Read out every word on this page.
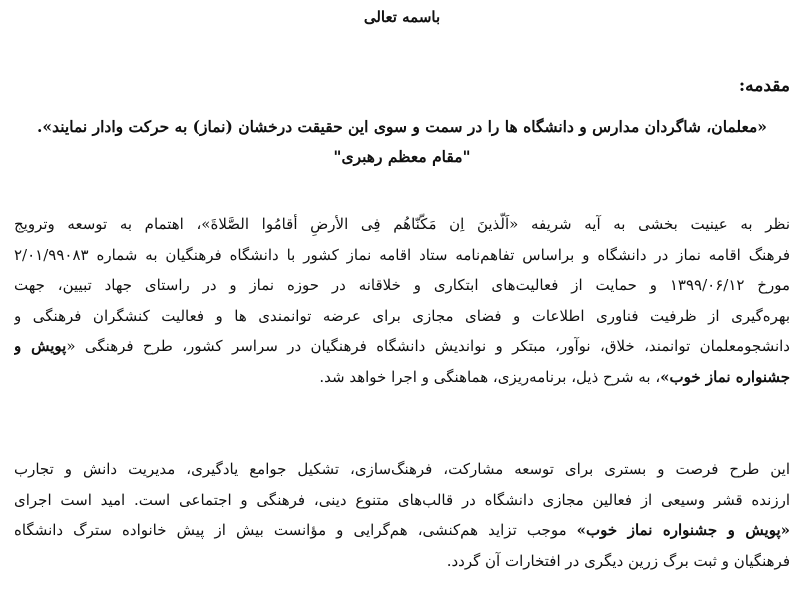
باسمه تعالی
مقدمه:
«معلمان، شاگردان مدارس و دانشگاه ها را در سمت و سوی این حقیقت درخشان (نماز) به حرکت وادار نمایند».
"مقام معظم رهبری"
نظر به عینیت بخشی به آیه شریفه «اَلّذینَ اِن مَکّنّاهُم فِی الأرضِ أقامُوا الصَّلاةَ»، اهتمام به توسعه وترویج
فرهنگ اقامه نماز در دانشگاه و براساس تفاهم‌نامه ستاد اقامه نماز کشور با دانشگاه فرهنگیان به شماره ۲/۰۱/۹۹۰۸۳
مورخ ۱۳۹۹/۰۶/۱۲ و حمایت از فعالیت‌های ابتکاری و خلاقانه در حوزه نماز و در راستای جهاد تبیین، جهت
بهره‌گیری از ظرفیت فناوری اطلاعات و فضای مجازی برای عرضه توانمندی ها و فعالیت کنشگران فرهنگی و
دانشجومعلمان توانمند، خلاق، نوآور، مبتکر و نواندیش دانشگاه فرهنگیان در سراسر کشور، طرح فرهنگی «پویش و
جشنواره نماز خوب»، به شرح ذیل، برنامه‌ریزی، هماهنگی و اجرا خواهد شد.
این طرح فرصت و بستری برای توسعه مشارکت، فرهنگ‌سازی، تشکیل جوامع یادگیری، مدیریت دانش و تجارب
ارزنده قشر وسیعی از فعالین مجازی دانشگاه در قالب‌های متنوع دینی، فرهنگی و اجتماعی است. امید است اجرای
«پویش و جشنواره نماز خوب» موجب تزاید هم‌کنشی، هم‌گرایی و مؤانست بیش از پیش خانواده سترگ دانشگاه
فرهنگیان و ثبت برگ زرین دیگری در افتخارات آن گردد.
